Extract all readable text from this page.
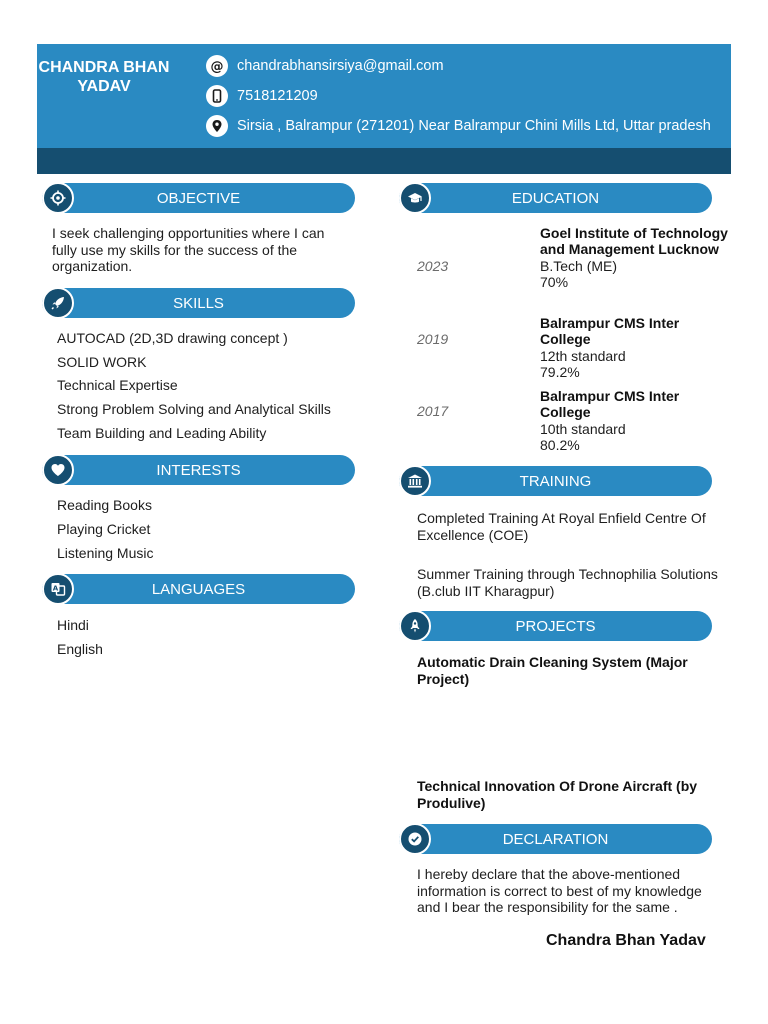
CHANDRA BHAN YADAV
@ chandrabhansirsiya@gmail.com
7518121209
Sirsia , Balrampur (271201) Near Balrampur Chini Mills Ltd, Uttar pradesh
OBJECTIVE
I seek challenging opportunities where I can fully use my skills for the success of the organization.
SKILLS
AUTOCAD (2D,3D drawing concept )
SOLID WORK
Technical Expertise
Strong Problem Solving and Analytical Skills
Team Building and Leading Ability
INTERESTS
Reading Books
Playing Cricket
Listening Music
A	LANGUAGES
Hindi
English
EDUCATION
2023
Goel Institute of Technology and Management Lucknow
B.Tech (ME)
70%
2019
Balrampur CMS Inter College
12th standard
79.2%
2017
Balrampur CMS Inter College
10th standard
80.2%
TRAINING
Completed Training At Royal Enfield Centre Of Excellence (COE)
Summer Training through Technophilia Solutions (B.club IIT Kharagpur)
PROJECTS
Automatic Drain Cleaning System (Major Project)
Technical Innovation Of Drone Aircraft (by Produlive)
DECLARATION
I hereby declare that the above-mentioned information is correct to best of my knowledge and I bear the responsibility for the same .
Chandra Bhan Yadav
